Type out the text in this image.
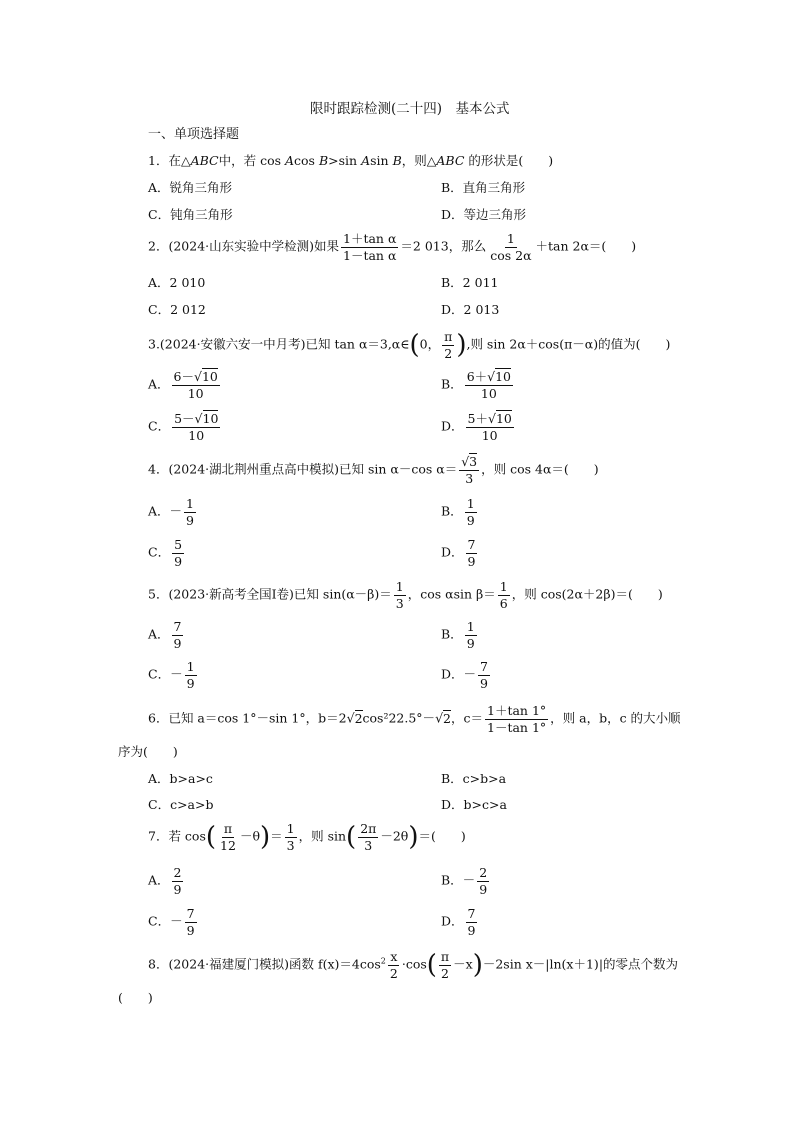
限时跟踪检测(二十四)　基本公式
一、单项选择题
1．在△ABC中，若 cos Acos B>sin Asin B，则△ABC 的形状是(　　)
A．锐角三角形	B．直角三角形
C．钝角三角形	D．等边三角形
2．(2024·山东实验中学检测)如果 $\frac{\text{1＋tan α}}{\text{1－tan α}} =2$ 013，那么 $\frac{1}{\cos 2\alpha} +\tan$ 2α＝(　　)
A．2 010	B．2 011
C．2 012	D．2 013
3.(2024·安徽六安一中月考)已知 tan α＝3,α∈(0， $\frac{\pi}{2}$ ),则 sin 2α＋cos(π－α)的值为(　　)
A． $\frac{6-√10}{10}$	B． $\frac{6+√10}{10}$
C． $\frac{5-√10}{10}$	D． $\frac{5+√10}{10}$
4．(2024·湖北荆州重点高中模拟)已知 sin α－cos $\alpha= \frac{√3}{3}$ ，则 cos 4α＝(　　)
A．－ $\frac{1}{9}$	B． $\frac{1}{9}$
C． $\frac{5}{9}$	D． $\frac{7}{9}$
5．(2023·新高考全国Ⅰ卷)已知 $\sin(\alpha-\beta)= \frac{1}{3}$ ，cos αsin $\beta= \frac{1}{6}$ ，则 cos(2α＋2β)＝(　　)
A． $\frac{7}{9}$	B． $\frac{1}{9}$
C．－ $\frac{1}{9}$	D．－ $\frac{7}{9}$
6．已知 a＝cos 1°－sin 1°，b＝2√2cos²22.5°－√2，$c= \frac{1+\tan 1^\circ}{1-\tan 1^\circ}$ ，则 a，b，c 的大小顺
序为(　　)
A．b>a>c	B．c>b>a
C．c>a>b	D．b>c>a
7．若 $\cos( \frac{\pi}{12} -\theta)= \frac{1}{3}$ ，则 $\sin( \frac{2\pi}{3} -2\theta)=$(　　)
A． $\frac{2}{9}$	B．－ $\frac{2}{9}$
C．－ $\frac{7}{9}$	D． $\frac{7}{9}$
8．(2024·福建厦门模拟)函数 $f(x)=4\cos^2 \frac{x}{2} \cdot\cos( \frac{\pi}{2} -x)-2\sin$ x－|ln(x＋1)|的零点个数为
(　　)
